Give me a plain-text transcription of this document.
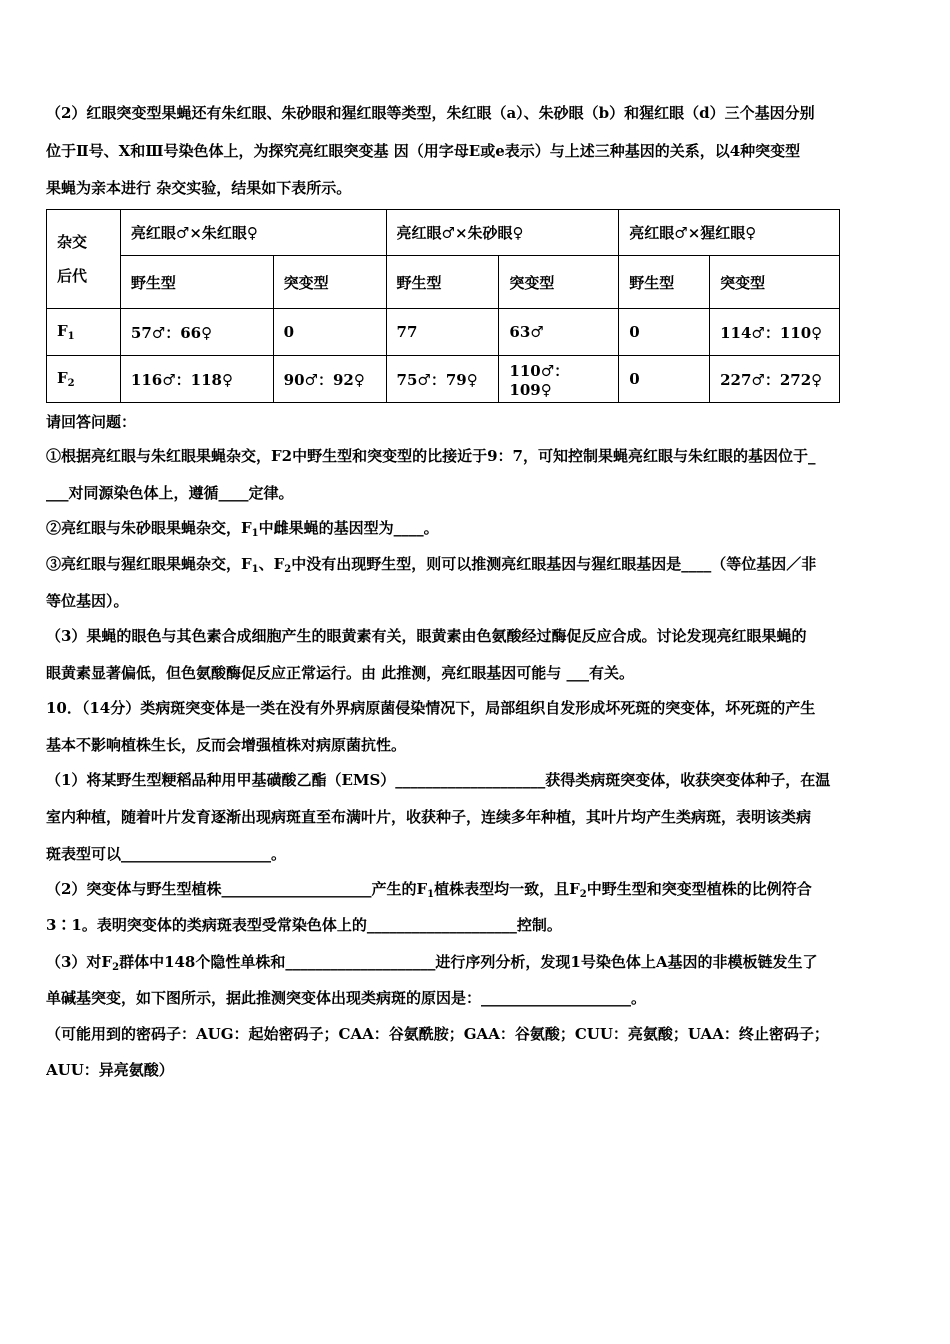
（2）红眼突变型果蝇还有朱红眼、朱砂眼和猩红眼等类型，朱红眼（a）、朱砂眼（b）和猩红眼（d）三个基因分别
位于Ⅱ号、X和Ⅲ号染色体上，为探究亮红眼突变基 因（用字母E或e表示）与上述三种基因的关系，以4种突变型
果蝇为亲本进行 杂交实验，结果如下表所示。
杂交
后代	亮红眼♂×朱红眼♀		亮红眼♂×朱砂眼♀		亮红眼♂×猩红眼♀	
	野生型	突变型	野生型	突变型	野生型	突变型
$F_1$	57♂：66♀	0	77	63♂	0	114♂：110♀
$F_2$	116♂：118♀	90♂：92♀	75♂：79♀	110♂：109♀	0	227♂：272♀
请回答问题：
①根据亮红眼与朱红眼果蝇杂交，F2中野生型和突变型的比接近于9：7，可知控制果蝇亮红眼与朱红眼的基因位于_
___对同源染色体上，遵循____定律。
②亮红眼与朱砂眼果蝇杂交，$F_1$中雌果蝇的基因型为____。
③亮红眼与猩红眼果蝇杂交，$F_1$、$F_2$中没有出现野生型，则可以推测亮红眼基因与猩红眼基因是____（等位基因／非
等位基因）。
（3）果蝇的眼色与其色素合成细胞产生的眼黄素有关，眼黄素由色氨酸经过酶促反应合成。讨论发现亮红眼果蝇的
眼黄素显著偏低，但色氨酸酶促反应正常运行。由 此推测，亮红眼基因可能与 ___有关。
10．（14分）类病斑突变体是一类在没有外界病原菌侵染情况下，局部组织自发形成坏死斑的突变体，坏死斑的产生
基本不影响植株生长，反而会增强植株对病原菌抗性。
（1）将某野生型粳稻品种用甲基磺酸乙酯（EMS）____________________获得类病斑突变体，收获突变体种子，在温
室内种植，随着叶片发育逐渐出现病斑直至布满叶片，收获种子，连续多年种植，其叶片均产生类病斑，表明该类病
斑表型可以____________________。
（2）突变体与野生型植株____________________产生的$F_1$植株表型均一致，且$F_2$中野生型和突变型植株的比例符合
3∶1。表明突变体的类病斑表型受常染色体上的____________________控制。
（3）对$F_2$群体中148个隐性单株和____________________进行序列分析，发现1号染色体上A基因的非模板链发生了
单碱基突变，如下图所示，据此推测突变体出现类病斑的原因是：____________________。
（可能用到的密码子：AUG：起始密码子；CAA：谷氨酰胺；GAA：谷氨酸；CUU：亮氨酸；UAA：终止密码子；
AUU：异亮氨酸）
